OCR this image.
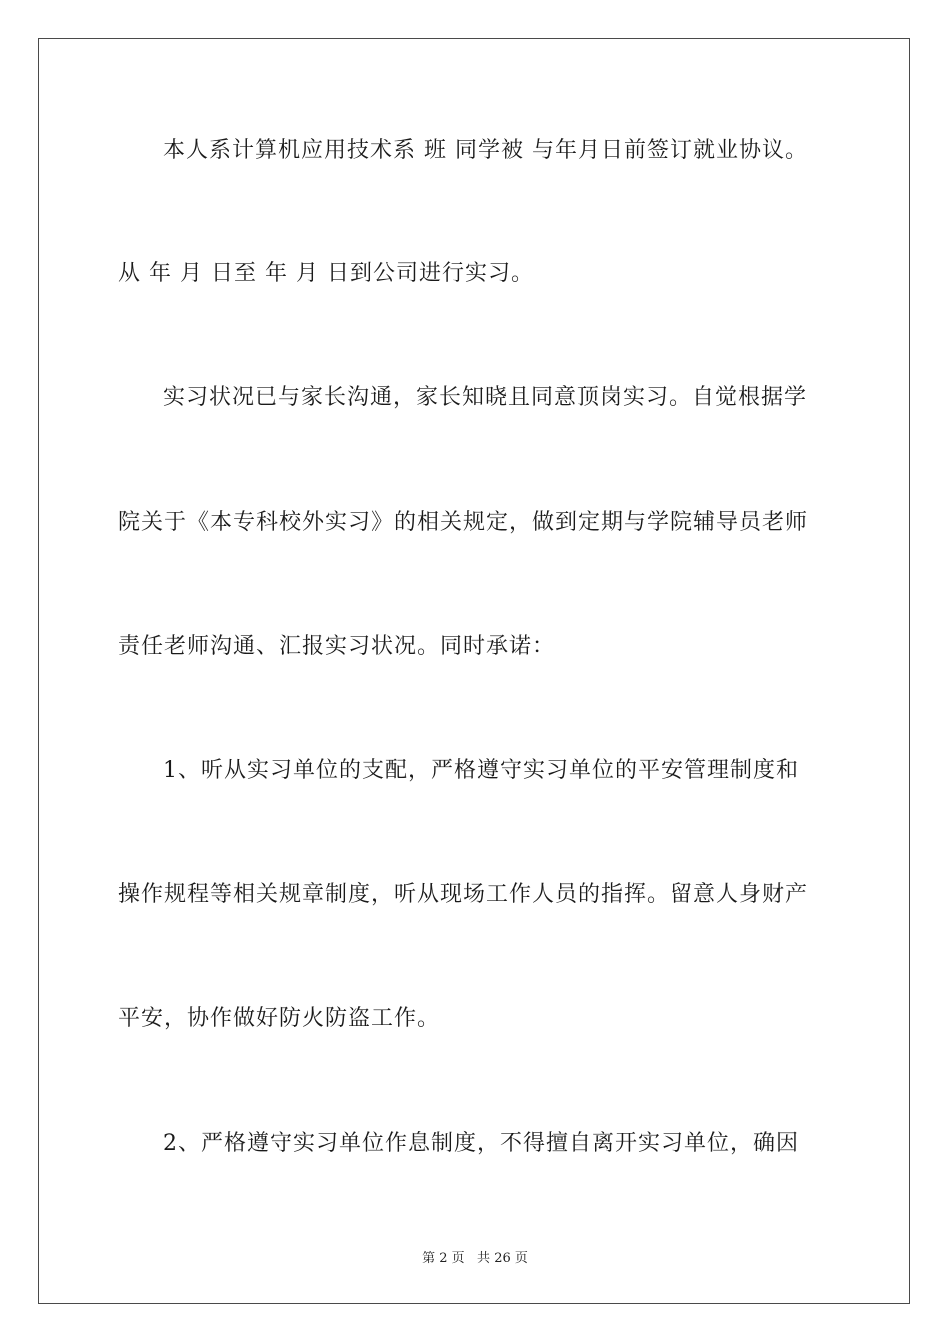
本人系计算机应用技术系 班 同学被 与年月日前签订就业协议。
从 年 月 日至 年 月 日到公司进行实习。
实习状况已与家长沟通，家长知晓且同意顶岗实习。自觉根据学
院关于《本专科校外实习》的相关规定，做到定期与学院辅导员老师
责任老师沟通、汇报实习状况。同时承诺：
1、听从实习单位的支配，严格遵守实习单位的平安管理制度和
操作规程等相关规章制度，听从现场工作人员的指挥。留意人身财产
平安，协作做好防火防盗工作。
2、严格遵守实习单位作息制度，不得擅自离开实习单位，确因
第 2 页   共 26 页
